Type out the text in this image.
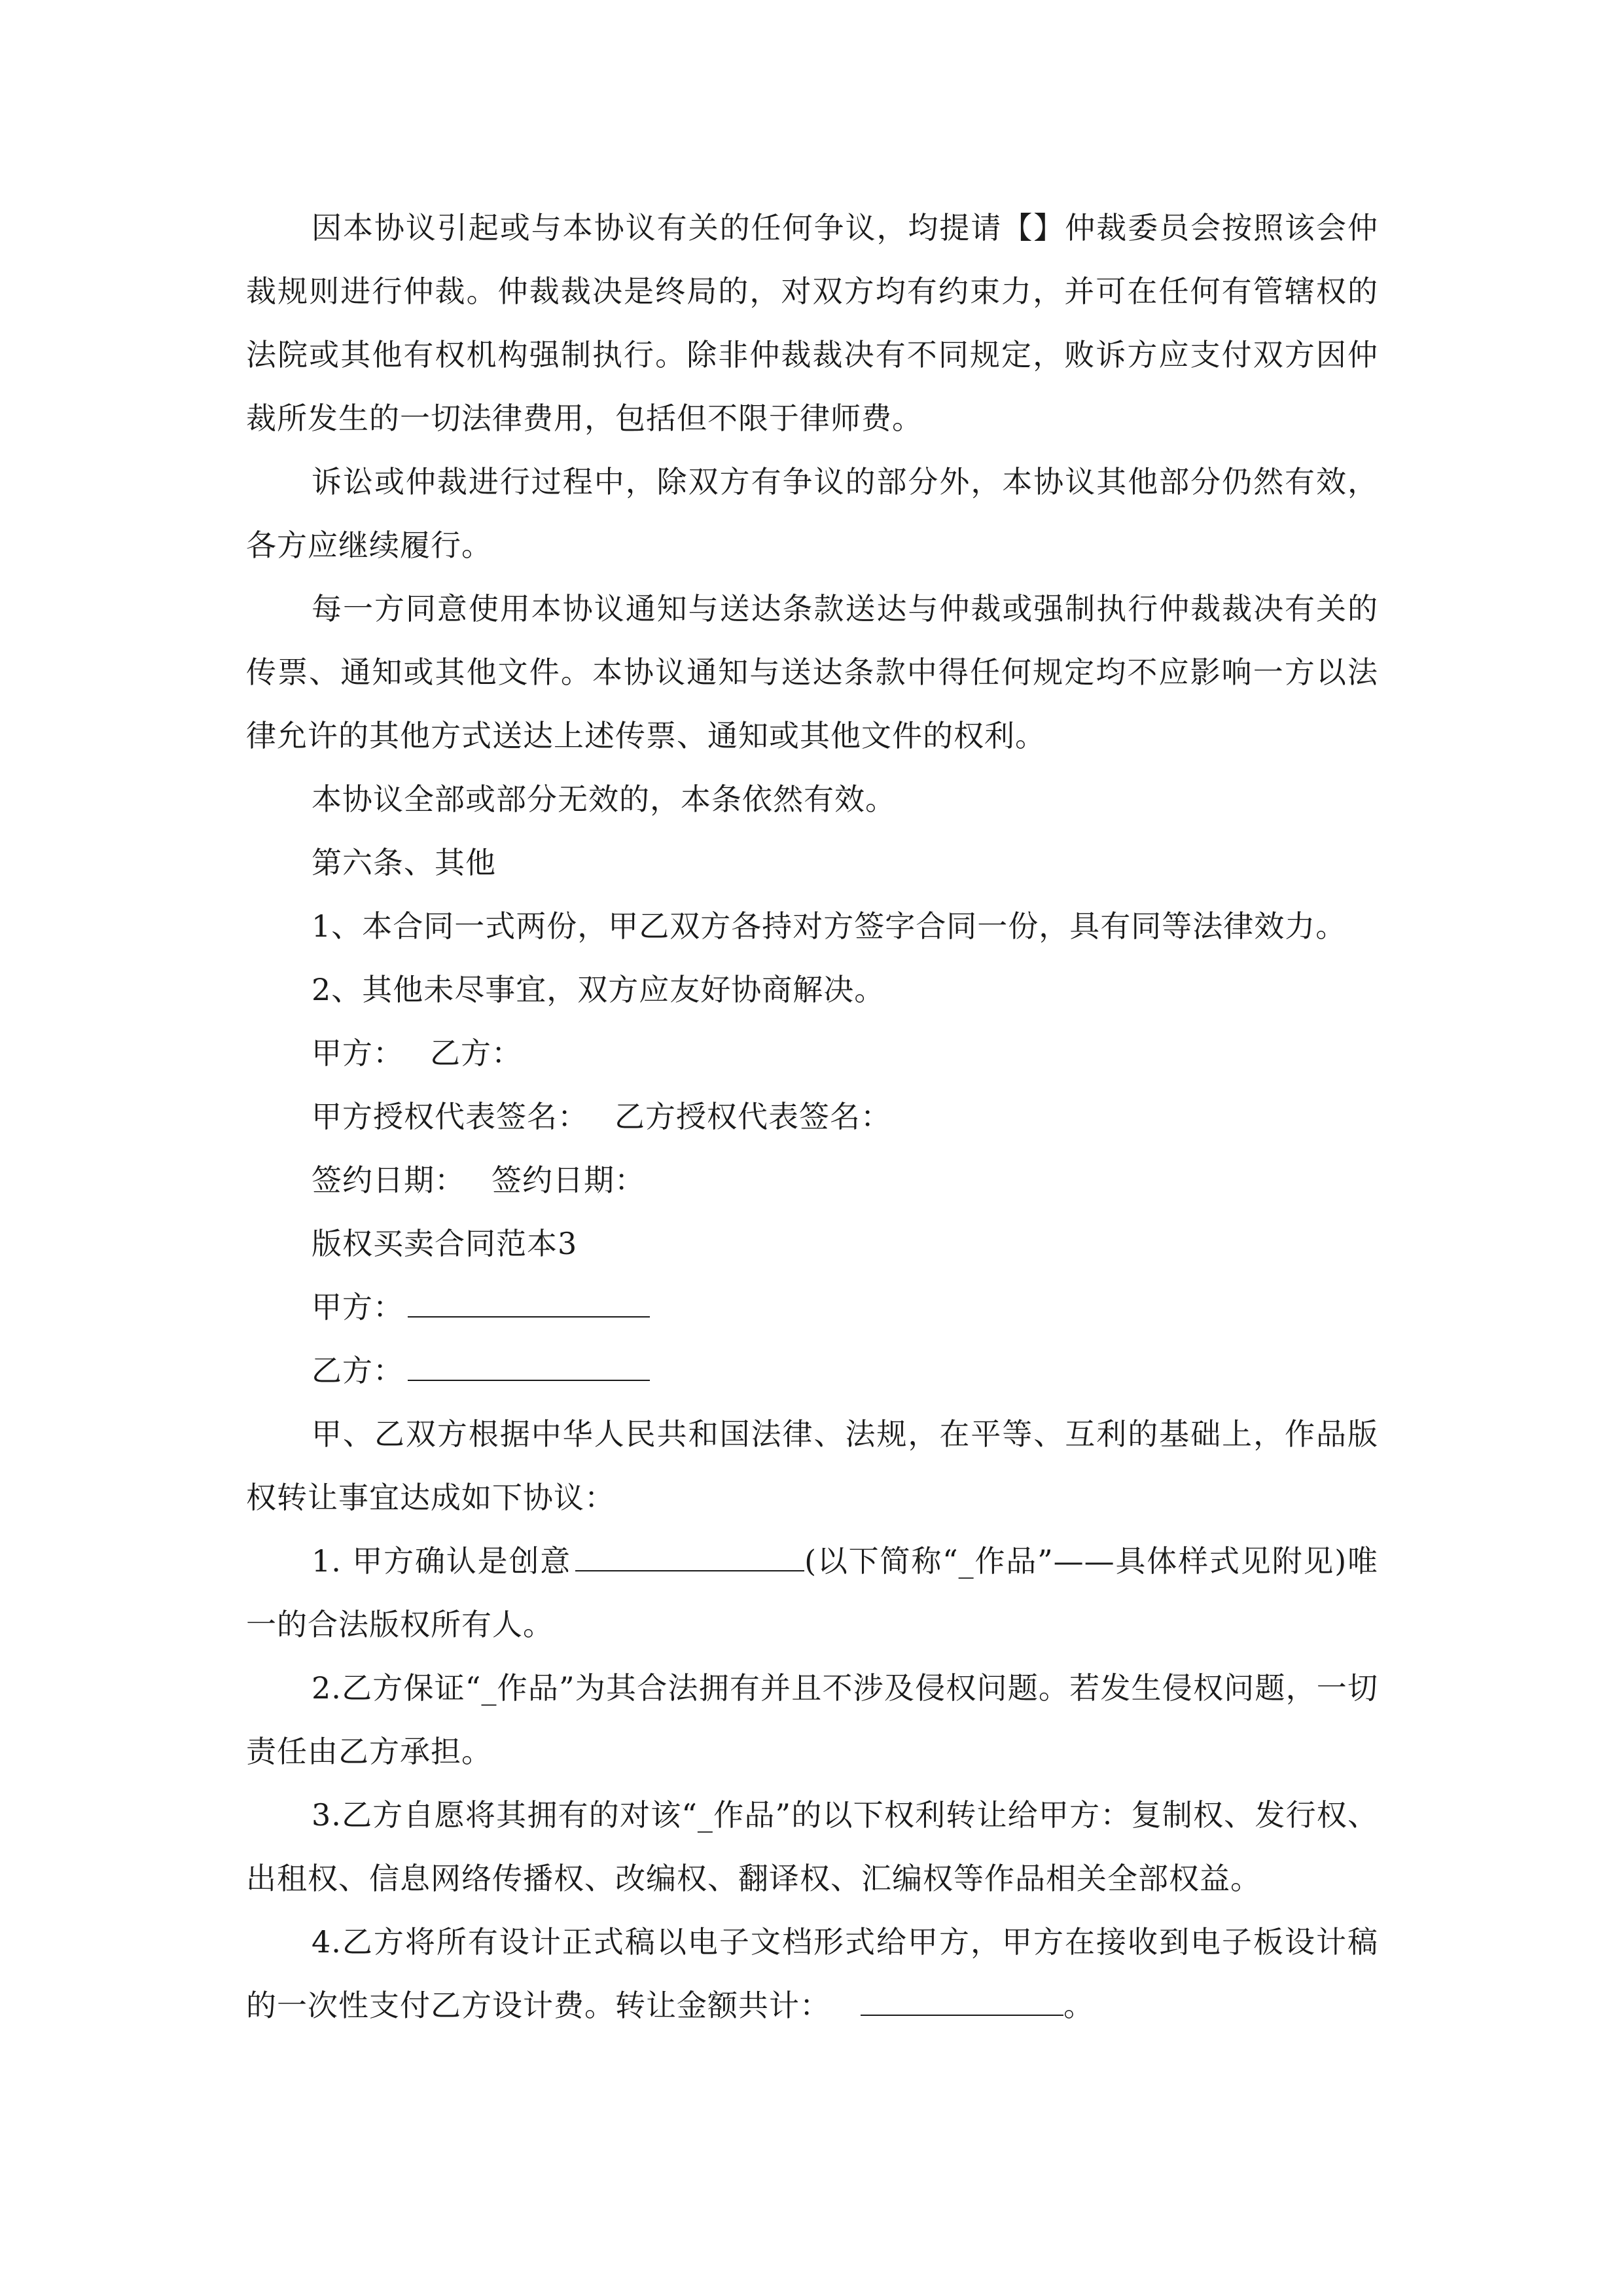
因本协议引起或与本协议有关的任何争议，均提请【】仲裁委员会按照该会仲裁规则进行仲裁。仲裁裁决是终局的，对双方均有约束力，并可在任何有管辖权的法院或其他有权机构强制执行。除非仲裁裁决有不同规定，败诉方应支付双方因仲裁所发生的一切法律费用，包括但不限于律师费。

诉讼或仲裁进行过程中，除双方有争议的部分外，本协议其他部分仍然有效，各方应继续履行。

每一方同意使用本协议通知与送达条款送达与仲裁或强制执行仲裁裁决有关的传票、通知或其他文件。本协议通知与送达条款中得任何规定均不应影响一方以法律允许的其他方式送达上述传票、通知或其他文件的权利。

本协议全部或部分无效的，本条依然有效。

第六条、其他

1、本合同一式两份，甲乙双方各持对方签字合同一份，具有同等法律效力。

2、其他未尽事宜，双方应友好协商解决。

甲方： 乙方：

甲方授权代表签名： 乙方授权代表签名：

签约日期： 签约日期：

版权买卖合同范本3

甲方：

乙方：

甲、乙双方根据中华人民共和国法律、法规，在平等、互利的基础上，作品版权转让事宜达成如下协议：

1. 甲方确认是创意	(以下简称“_作品”——具体样式见附见)唯一的合法版权所有人。

2.乙方保证“_作品”为其合法拥有并且不涉及侵权问题。若发生侵权问题，一切责任由乙方承担。

3.乙方自愿将其拥有的对该“_作品”的以下权利转让给甲方：复制权、发行权、出租权、信息网络传播权、改编权、翻译权、汇编权等作品相关全部权益。

4.乙方将所有设计正式稿以电子文档形式给甲方，甲方在接收到电子板设计稿的一次性支付乙方设计费。转让金额共计：	。
